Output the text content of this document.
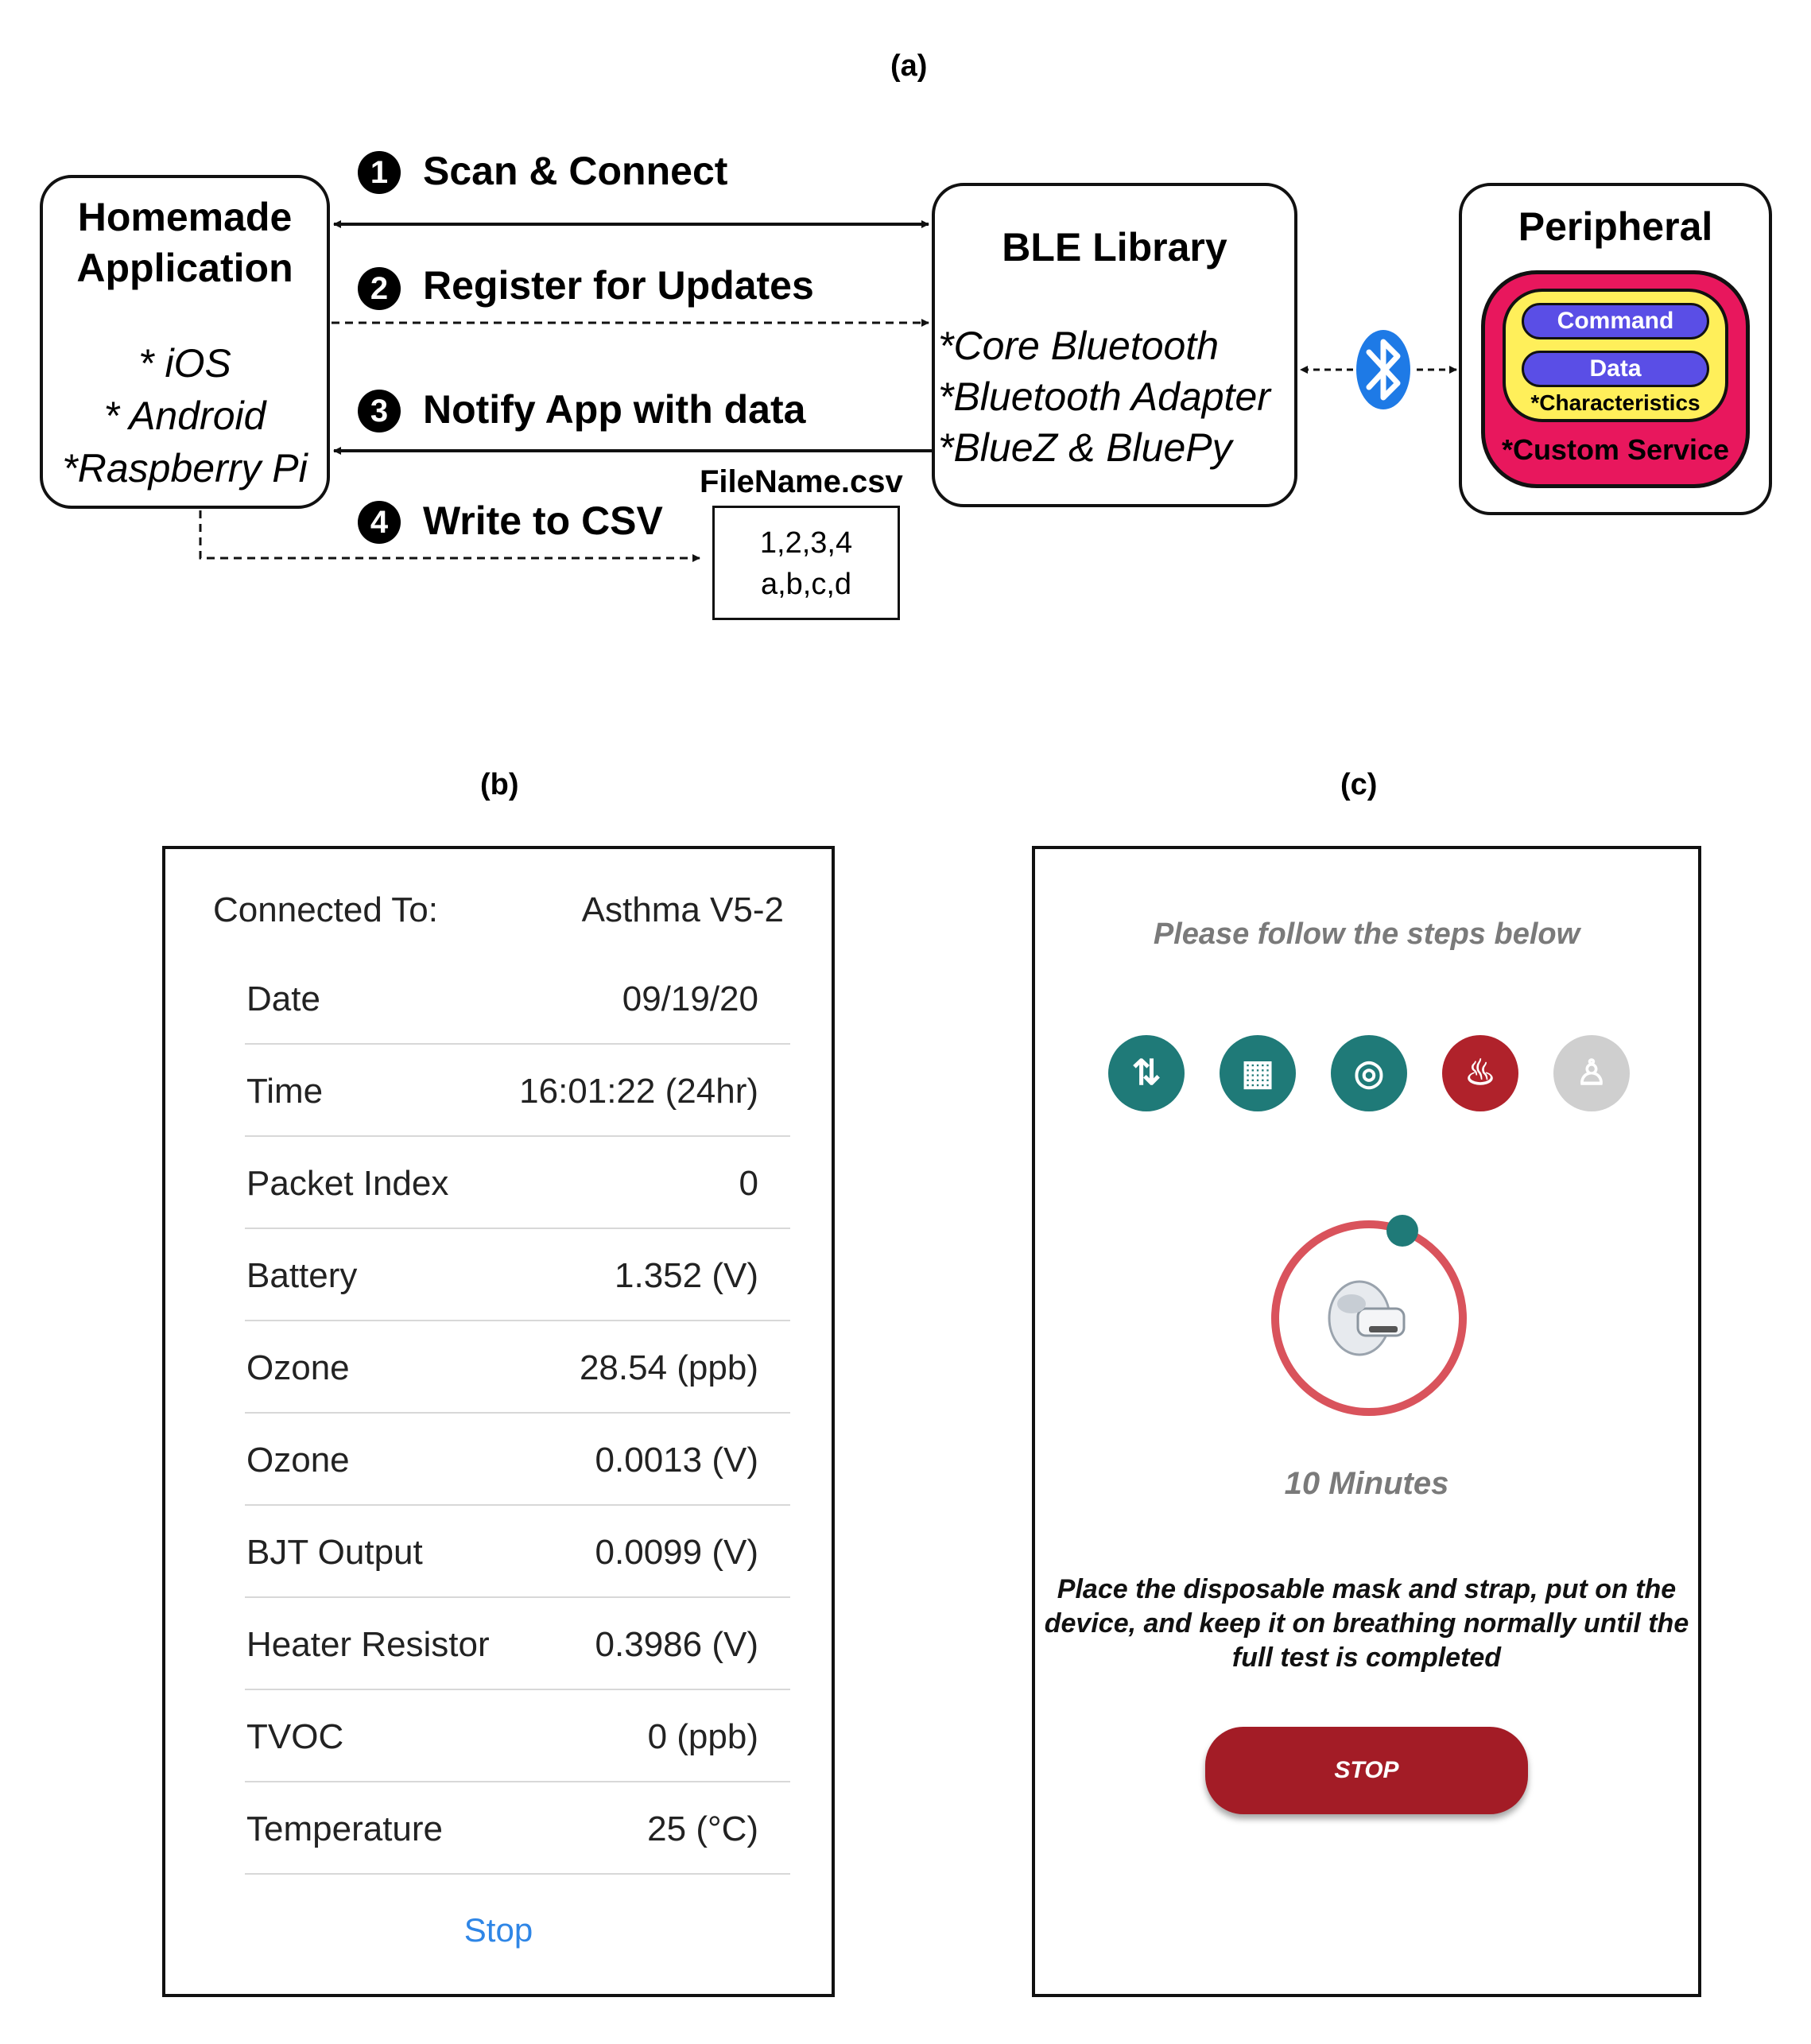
(a)
Homemade
Application
* iOS
* Android
*Raspberry Pi
BLE Library
*Core Bluetooth
*Bluetooth Adapter
*BlueZ & BluePy
Peripheral
Command
Data
*Characteristics
*Custom Service
1 Scan & Connect
2 Register for Updates
3 Notify App with data
4 Write to CSV
FileName.csv
1,2,3,4
a,b,c,d
(b)
Connected To:	Asthma V5-2
Date	09/19/20
Time	16:01:22 (24hr)
Packet Index	0
Battery	1.352 (V)
Ozone	28.54 (ppb)
Ozone	0.0013 (V)
BJT Output	0.0099 (V)
Heater Resistor	0.3986 (V)
TVOC	0 (ppb)
Temperature	25 (°C)
Stop
(c)
Please follow the steps below
⇅	▦	◎	♨	♙
10 Minutes
Place the disposable mask and strap, put on the device, and keep it on breathing normally until the full test is completed
STOP
